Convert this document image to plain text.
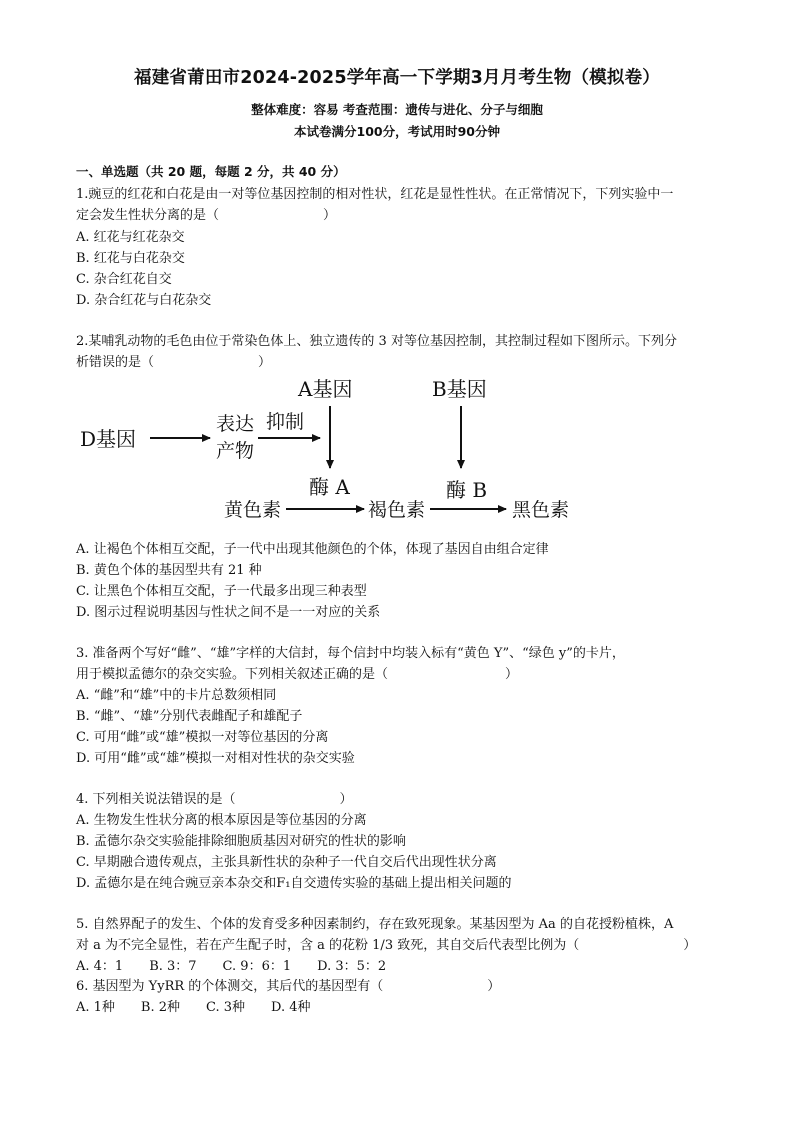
福建省莆田市2024-2025学年高一下学期3月月考生物（模拟卷）
整体难度：容易 考查范围：遗传与进化、分子与细胞
本试卷满分100分，考试用时90分钟
一、单选题（共 20 题，每题 2 分，共 40 分）
1.豌豆的红花和白花是由一对等位基因控制的相对性状，红花是显性性状。在正常情况下，下列实验中一
定会发生性状分离的是（　　　　　　　　）
A. 红花与红花杂交
B. 红花与白花杂交
C. 杂合红花自交
D. 杂合红花与白花杂交
2.某哺乳动物的毛色由位于常染色体上、独立遗传的 3 对等位基因控制，其控制过程如下图所示。下列分
析错误的是（　　　　　　　　）
D基因
表达
产物
抑制
A基因
酶 A
B基因
酶 B
黄色素	褐色素	黑色素
A. 让褐色个体相互交配，子一代中出现其他颜色的个体，体现了基因自由组合定律
B. 黄色个体的基因型共有 21 种
C. 让黑色个体相互交配，子一代最多出现三种表型
D. 图示过程说明基因与性状之间不是一一对应的关系
3. 准备两个写好“雌”、“雄”字样的大信封，每个信封中均装入标有“黄色 Y”、“绿色 y”的卡片，
用于模拟孟德尔的杂交实验。下列相关叙述正确的是（　　　　　　　　　）
A. “雌”和“雄”中的卡片总数须相同
B. “雌”、“雄”分别代表雌配子和雄配子
C. 可用“雌”或“雄”模拟一对等位基因的分离
D. 可用“雌”或“雄”模拟一对相对性状的杂交实验
4. 下列相关说法错误的是（　　　　　　　　）
A. 生物发生性状分离的根本原因是等位基因的分离
B. 孟德尔杂交实验能排除细胞质基因对研究的性状的影响
C. 早期融合遗传观点，主张具新性状的杂种子一代自交后代出现性状分离
D. 孟德尔是在纯合豌豆亲本杂交和F₁自交遗传实验的基础上提出相关问题的
5. 自然界配子的发生、个体的发育受多种因素制约，存在致死现象。某基因型为 Aa 的自花授粉植株，A
对 a 为不完全显性，若在产生配子时，含 a 的花粉 1/3 致死，其自交后代表型比例为（　　　　　　　　）
A. 4：1　　B. 3：7　　C. 9：6：1　　D. 3：5：2
6. 基因型为 YyRR 的个体测交，其后代的基因型有（　　　　　　　　）
A. 1种　　B. 2种　　C. 3种　　D. 4种
